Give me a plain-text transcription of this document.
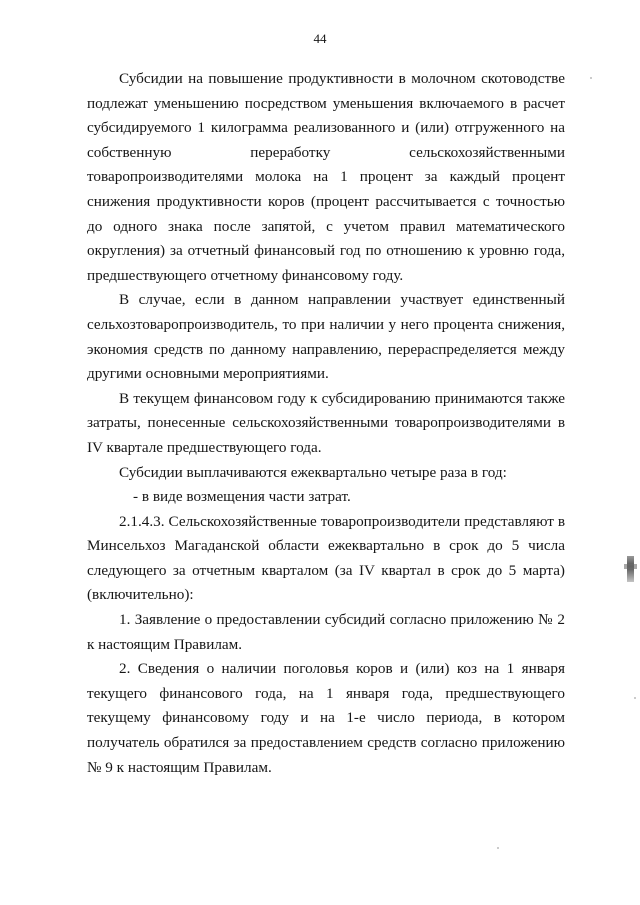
44

Субсидии на повышение продуктивности в молочном скотоводстве подлежат уменьшению посредством уменьшения включаемого в расчет субсидируемого 1 килограмма реализованного и (или) отгруженного на собственную переработку сельскохозяйственными товаропроизводителями молока на 1 процент за каждый процент снижения продуктивности коров (процент рассчитывается с точностью до одного знака после запятой, с учетом правил математического округления) за отчетный финансовый год по отношению к уровню года, предшествующего отчетному финансовому году.

В случае, если в данном направлении участвует единственный сельхозтоваропроизводитель, то при наличии у него процента снижения, экономия средств по данному направлению, перераспределяется между другими основными мероприятиями.

В текущем финансовом году к субсидированию принимаются также затраты, понесенные сельскохозяйственными товаропроизводителями в IV квартале предшествующего года.

Субсидии выплачиваются ежеквартально четыре раза в год:

- в виде возмещения части затрат.

2.1.4.3. Сельскохозяйственные товаропроизводители представляют в Минсельхоз Магаданской области ежеквартально в срок до 5 числа следующего за отчетным кварталом (за IV квартал в срок до 5 марта) (включительно):

1. Заявление о предоставлении субсидий согласно приложению № 2 к настоящим Правилам.

2. Сведения о наличии поголовья коров и (или) коз на 1 января текущего финансового года, на 1 января года, предшествующего текущему финансовому году и на 1-е число периода, в котором получатель обратился за предоставлением средств согласно приложению № 9 к настоящим Правилам.
